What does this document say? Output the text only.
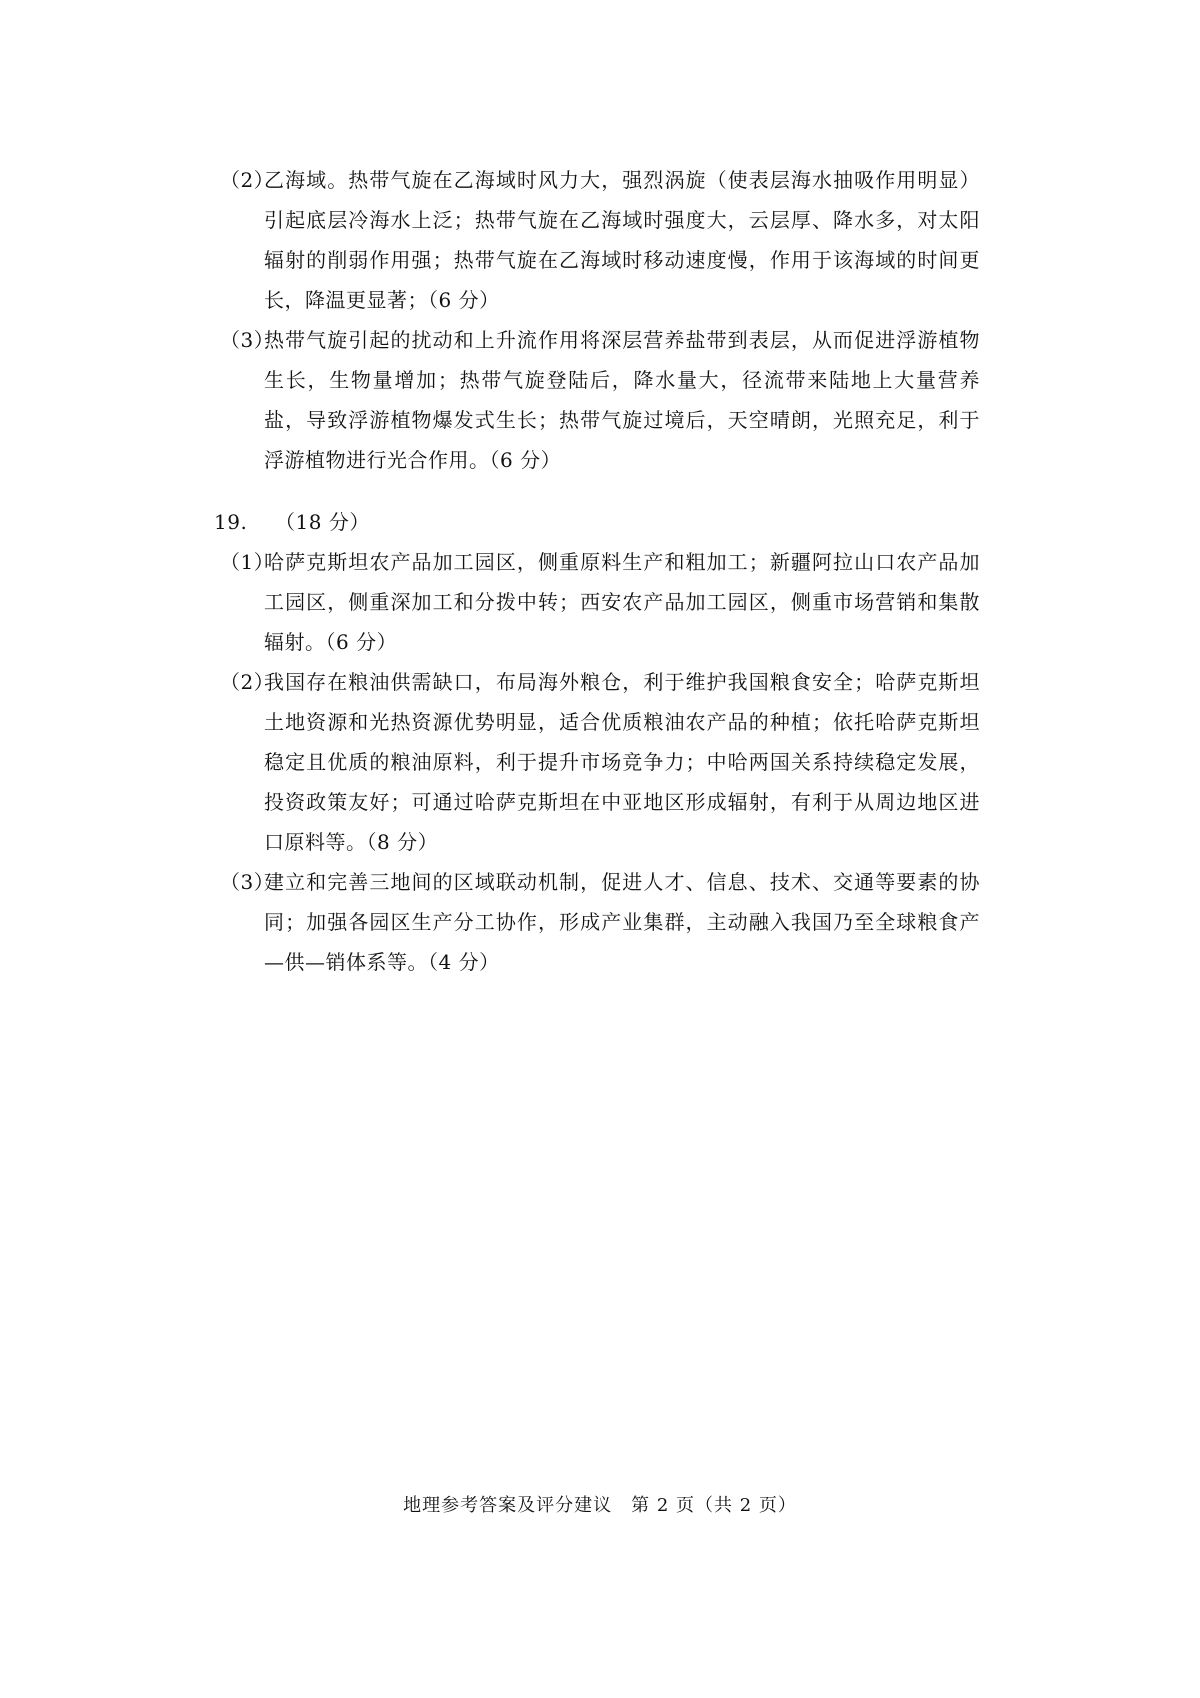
（2）
乙海域。热带气旋在乙海域时风力大，强烈涡旋（使表层海水抽吸作用明显）引起底层冷海水上泛；热带气旋在乙海域时强度大，云层厚、降水多，对太阳辐射的削弱作用强；热带气旋在乙海域时移动速度慢，作用于该海域的时间更长，降温更显著；（6 分）
（3）
热带气旋引起的扰动和上升流作用将深层营养盐带到表层，从而促进浮游植物生长，生物量增加；热带气旋登陆后，降水量大，径流带来陆地上大量营养盐，导致浮游植物爆发式生长；热带气旋过境后，天空晴朗，光照充足，利于浮游植物进行光合作用。（6 分）
19. （18 分）
（1）
哈萨克斯坦农产品加工园区，侧重原料生产和粗加工；新疆阿拉山口农产品加工园区，侧重深加工和分拨中转；西安农产品加工园区，侧重市场营销和集散辐射。（6 分）
（2）
我国存在粮油供需缺口，布局海外粮仓，利于维护我国粮食安全；哈萨克斯坦土地资源和光热资源优势明显，适合优质粮油农产品的种植；依托哈萨克斯坦稳定且优质的粮油原料，利于提升市场竞争力；中哈两国关系持续稳定发展，投资政策友好；可通过哈萨克斯坦在中亚地区形成辐射，有利于从周边地区进口原料等。（8 分）
（3）
建立和完善三地间的区域联动机制，促进人才、信息、技术、交通等要素的协同；加强各园区生产分工协作，形成产业集群，主动融入我国乃至全球粮食产—供—销体系等。（4 分）
地理参考答案及评分建议　第 2 页（共 2 页）
